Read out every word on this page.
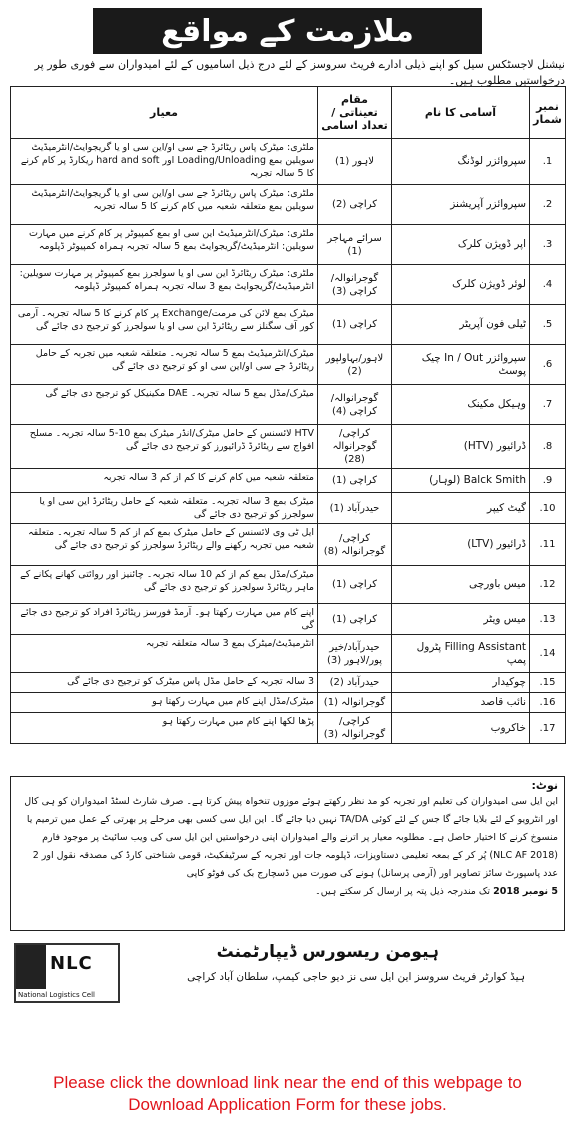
ملازمت کے مواقع
نیشنل لاجسٹکس سیل کو اپنے ذیلی ادارے فریٹ سروسز کے لئے درج ذیل اسامیوں کے لئے امیدواران سے فوری طور پر درخواستیں مطلوب ہیں۔
نمبر شمار	آسامی کا نام	مقام تعیناتی / تعداد اسامی	معیار
1.	سپروائزر لوڈنگ	لاہور (1)	ملٹری: میٹرک پاس ریٹائرڈ جے سی او/این سی او یا گریجوایٹ/انٹرمیڈیٹ سویلین بمع Loading/Unloading اور hard and soft ریکارڈ پر کام کرنے کا 5 سالہ تجربہ
2.	سپروائزر آپریشنز	کراچی (2)	ملٹری: میٹرک پاس ریٹائرڈ جے سی او/این سی او یا گریجوایٹ/انٹرمیڈیٹ سویلین بمع متعلقہ شعبہ میں کام کرنے کا 5 سالہ تجربہ
3.	اپر ڈویژن کلرک	سرائے مہاجر (1)	ملٹری: میٹرک/انٹرمیڈیٹ این سی او بمع کمپیوٹر پر کام کرنے میں مہارت سویلین: انٹرمیڈیٹ/گریجوایٹ بمع 5 سالہ تجربہ ہمراہ کمپیوٹر ڈپلومہ
4.	لوئر ڈویژن کلرک	گوجرانوالہ/کراچی (3)	ملٹری: میٹرک ریٹائرڈ این سی او یا سولجرز بمع کمپیوٹر پر مہارت سویلین: انٹرمیڈیٹ/گریجوایٹ بمع 3 سالہ تجربہ ہمراہ کمپیوٹر ڈپلومہ
5.	ٹیلی فون آپریٹر	کراچی (1)	میٹرک بمع لائن کی مرمت/Exchange پر کام کرنے کا 5 سالہ تجربہ۔ آرمی کور آف سگنلز سے ریٹائرڈ این سی او یا سولجرز کو ترجیح دی جائے گی
6.	سپروائزر In / Out چیک پوسٹ	لاہور/بہاولپور (2)	میٹرک/انٹرمیڈیٹ بمع 5 سالہ تجربہ۔ متعلقہ شعبہ میں تجربہ کے حامل ریٹائرڈ جے سی او/این سی او کو ترجیح دی جائے گی
7.	وہیکل مکینک	گوجرانوالہ/کراچی (4)	میٹرک/مڈل بمع 5 سالہ تجربہ۔ DAE مکینیکل کو ترجیح دی جائے گی
8.	ڈرائیور (HTV)	کراچی/گوجرانوالہ (28)	HTV لائسنس کے حامل میٹرک/انڈر میٹرک بمع 10-5 سالہ تجربہ۔ مسلح افواج سے ریٹائرڈ ڈرائیورز کو ترجیح دی جائے گی
9.	Balck Smith (لوہار)	کراچی (1)	متعلقہ شعبہ میں کام کرنے کا کم از کم 3 سالہ تجربہ
10.	گیٹ کیپر	حیدرآباد (1)	میٹرک بمع 3 سالہ تجربہ۔ متعلقہ شعبہ کے حامل ریٹائرڈ این سی او یا سولجرز کو ترجیح دی جائے گی
11.	ڈرائیور (LTV)	کراچی/گوجرانوالہ (8)	ایل ٹی وی لائسنس کے حامل میٹرک بمع کم از کم 5 سالہ تجربہ۔ متعلقہ شعبہ میں تجربہ رکھنے والے ریٹائرڈ سولجرز کو ترجیح دی جائے گی
12.	میس باورچی	کراچی (1)	میٹرک/مڈل بمع کم از کم 10 سالہ تجربہ۔ چائنیز اور روائتی کھانے پکانے کے ماہر ریٹائرڈ سولجرز کو ترجیح دی جائے گی
13.	میس ویٹر	کراچی (1)	اپنے کام میں مہارت رکھتا ہو۔ آرمڈ فورسز ریٹائرڈ افراد کو ترجیح دی جائے گی
14.	Filling Assistant پٹرول پمپ	حیدرآباد/خیر پور/لاہور (3)	انٹرمیڈیٹ/میٹرک بمع 3 سالہ متعلقہ تجربہ
15.	چوکیدار	حیدرآباد (2)	3 سالہ تجربہ کے حامل مڈل پاس میٹرک کو ترجیح دی جائے گی
16.	نائب قاصد	گوجرانوالہ (1)	میٹرک/مڈل اپنے کام میں مہارت رکھتا ہو
17.	خاکروب	کراچی/گوجرانوالہ (3)	پڑھا لکھا اپنے کام میں مہارت رکھتا ہو
نوٹ:
این ایل سی امیدواران کی تعلیم اور تجربہ کو مد نظر رکھتے ہوئے موزوں تنخواہ پیش کرتا ہے۔ صرف شارٹ لسٹڈ امیدواران کو ہی کال اور انٹرویو کے لئے بلایا جائے گا جس کے لئے کوئی TA/DA نہیں دیا جائے گا۔ این ایل سی کسی بھی مرحلے پر بھرتی کے عمل میں ترمیم یا منسوخ کرنے کا اختیار حاصل ہے۔ مطلوبہ معیار پر اترنے والے امیدواران اپنی درخواستیں این ایل سی کی ویب سائیٹ پر موجود فارم (NLC AF 2018) پُر کر کے بمعہ تعلیمی دستاویزات، ڈپلومہ جات اور تجربہ کے سرٹیفکیٹ، قومی شناختی کارڈ کی مصدقہ نقول اور 2 عدد پاسپورٹ سائز تصاویر اور (آرمی پرسانل) ہونے کی صورت میں ڈسچارج بک کی فوٹو کاپی
5 نومبر 2018 تک مندرجہ ذیل پتہ پر ارسال کر سکتے ہیں۔
NLC
National Logistics Cell
ہیومن ریسورس ڈیپارٹمنٹ
ہیڈ کوارٹر فریٹ سروسز این ایل سی نز دیو حاجی کیمپ، سلطان آباد کراچی
Please click the download link near the end of this webpage to
Download Application Form for these jobs.
